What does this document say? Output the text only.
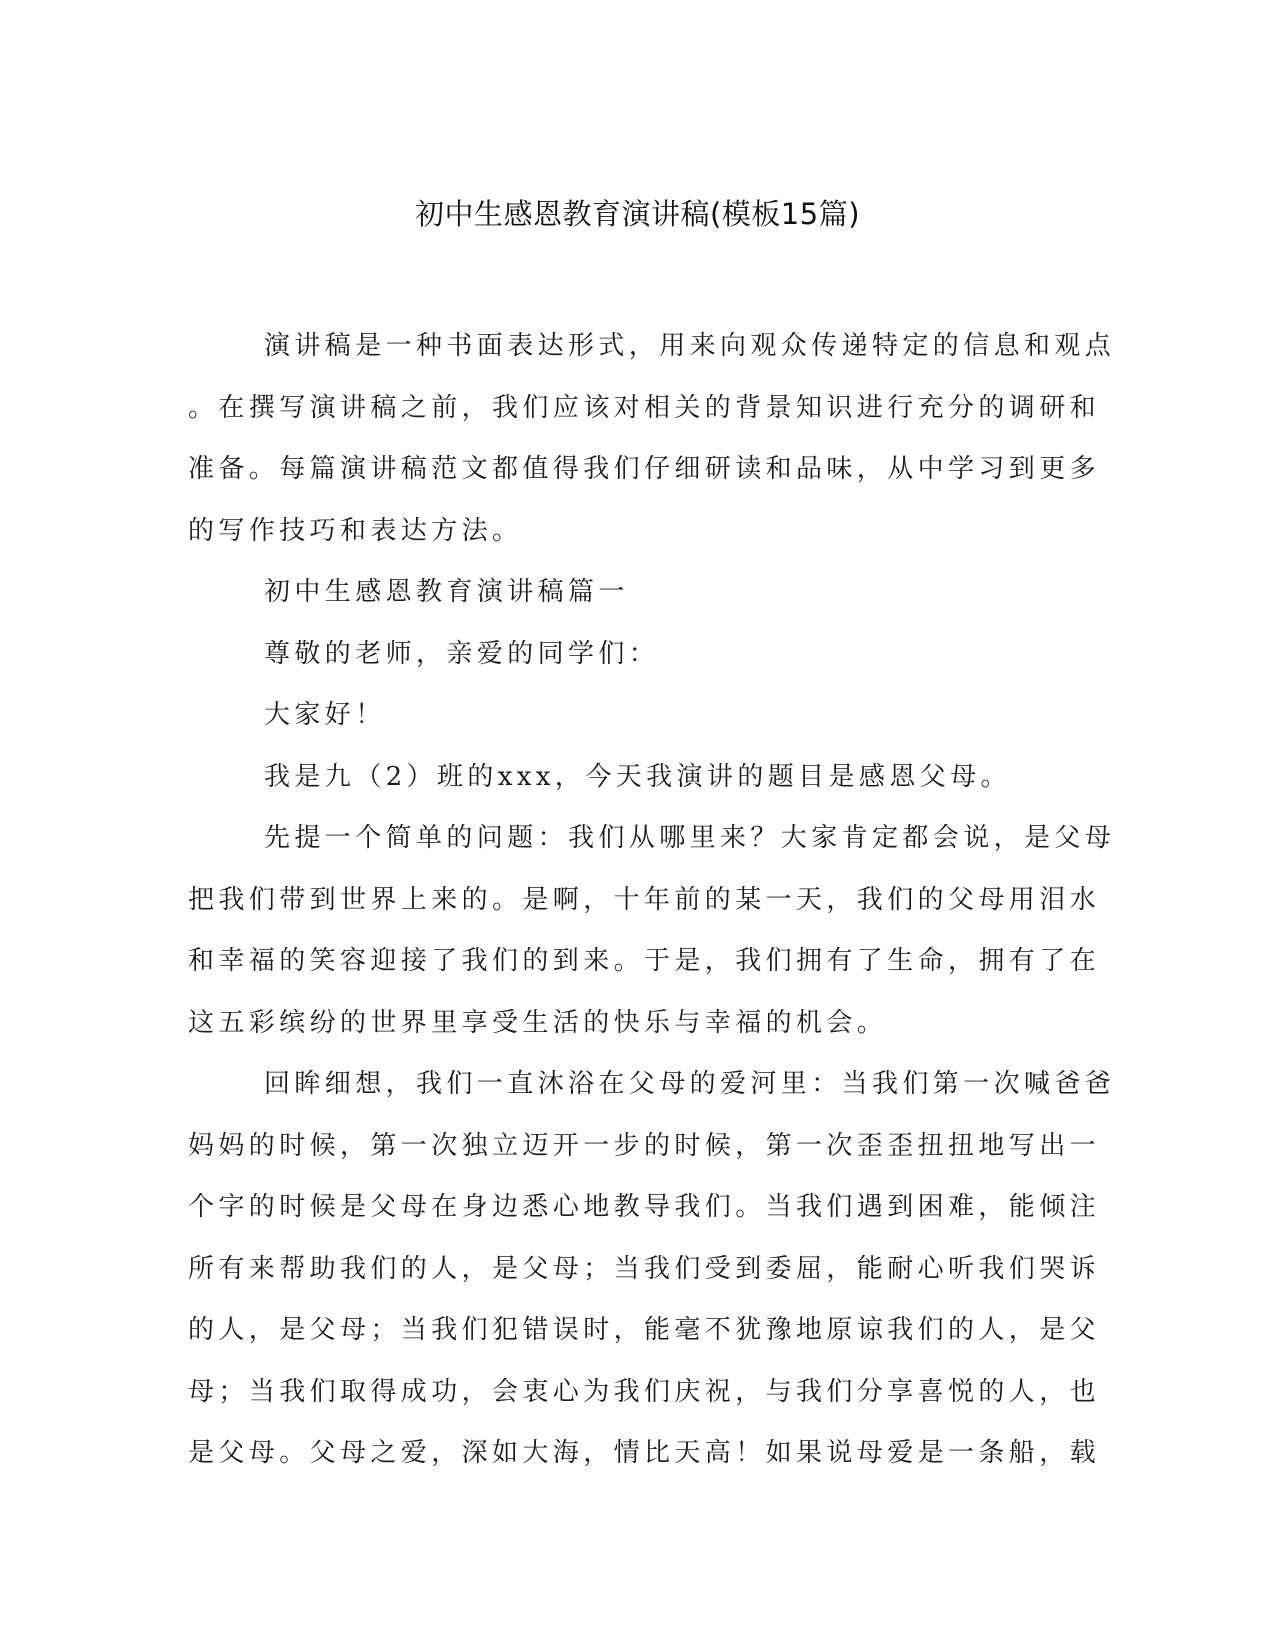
初中生感恩教育演讲稿(模板15篇)
演讲稿是一种书面表达形式，用来向观众传递特定的信息和观点
。在撰写演讲稿之前，我们应该对相关的背景知识进行充分的调研和
准备。每篇演讲稿范文都值得我们仔细研读和品味，从中学习到更多
的写作技巧和表达方法。
初中生感恩教育演讲稿篇一
尊敬的老师，亲爱的同学们：
大家好！
我是九（2）班的xxx，今天我演讲的题目是感恩父母。
先提一个简单的问题：我们从哪里来？大家肯定都会说，是父母
把我们带到世界上来的。是啊，十年前的某一天，我们的父母用泪水
和幸福的笑容迎接了我们的到来。于是，我们拥有了生命，拥有了在
这五彩缤纷的世界里享受生活的快乐与幸福的机会。
回眸细想，我们一直沐浴在父母的爱河里：当我们第一次喊爸爸
妈妈的时候，第一次独立迈开一步的时候，第一次歪歪扭扭地写出一
个字的时候是父母在身边悉心地教导我们。当我们遇到困难，能倾注
所有来帮助我们的人，是父母；当我们受到委屈，能耐心听我们哭诉
的人，是父母；当我们犯错误时，能毫不犹豫地原谅我们的人，是父
母；当我们取得成功，会衷心为我们庆祝，与我们分享喜悦的人，也
是父母。父母之爱，深如大海，情比天高！如果说母爱是一条船，载
